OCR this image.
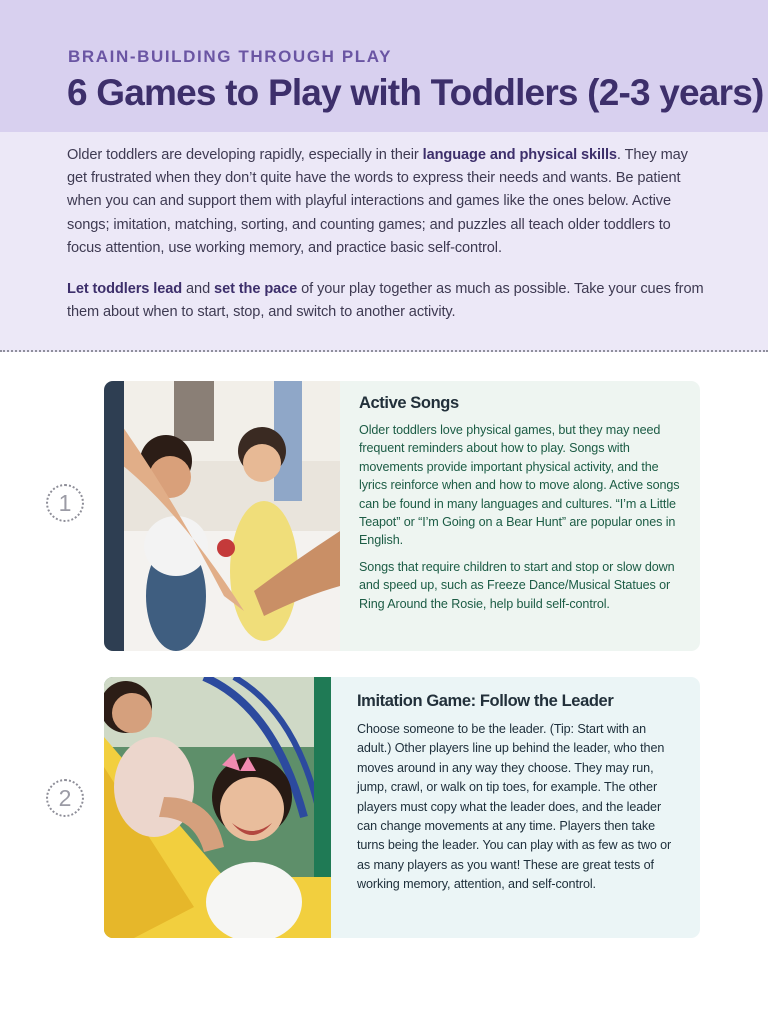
BRAIN-BUILDING THROUGH PLAY
6 Games to Play with Toddlers (2-3 years)

Older toddlers are developing rapidly, especially in their language and physical skills. They may get frustrated when they don’t quite have the words to express their needs and wants. Be patient when you can and support them with playful interactions and games like the ones below. Active songs; imitation, matching, sorting, and counting games; and puzzles all teach older toddlers to focus attention, use working memory, and practice basic self-control.

Let toddlers lead and set the pace of your play together as much as possible. Take your cues from them about when to start, stop, and switch to another activity.

1
Active Songs

Older toddlers love physical games, but they may need frequent reminders about how to play. Songs with movements provide important physical activity, and the lyrics reinforce when and how to move along. Active songs can be found in many languages and cultures. “I’m a Little Teapot” or “I’m Going on a Bear Hunt” are popular ones in English.

Songs that require children to start and stop or slow down and speed up, such as Freeze Dance/Musical Statues or Ring Around the Rosie, help build self-control.

2
Imitation Game: Follow the Leader

Choose someone to be the leader. (Tip: Start with an adult.) Other players line up behind the leader, who then moves around in any way they choose. They may run, jump, crawl, or walk on tip toes, for example. The other players must copy what the leader does, and the leader can change movements at any time. Players then take turns being the leader. You can play with as few as two or as many players as you want! These are great tests of working memory, attention, and self-control.
